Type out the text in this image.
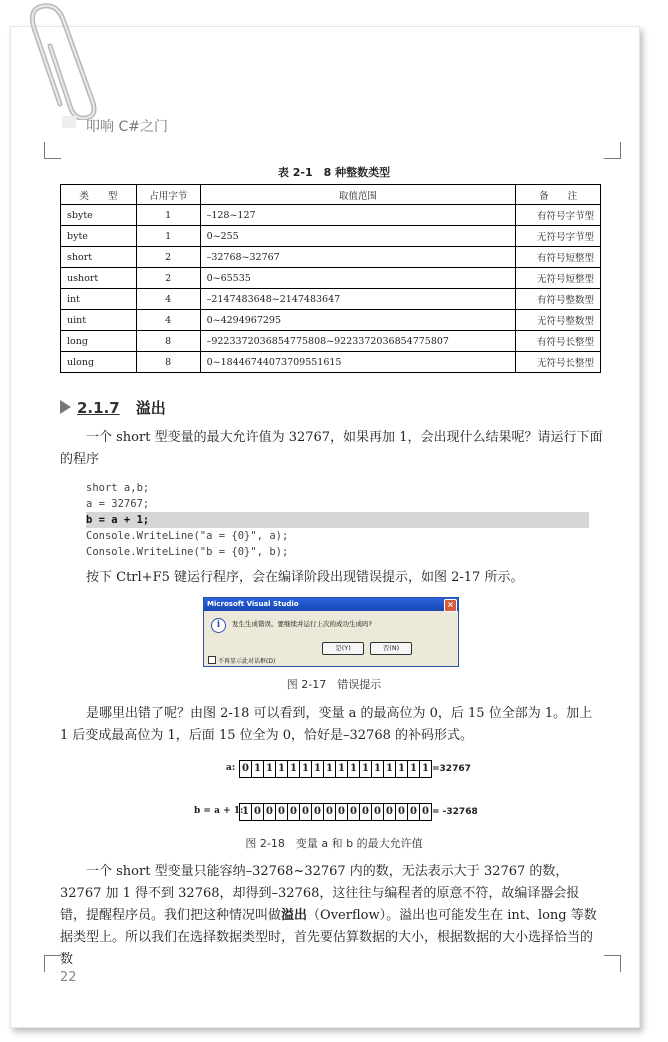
叩响 C#之门
表 2-1　8 种整数类型
类　　型	占用字节	取值范围	备　　注
sbyte	1	–128~127	有符号字节型
byte	1	0~255	无符号字节型
short	2	–32768~32767	有符号短整型
ushort	2	0~65535	无符号短整型
int	4	–2147483648~2147483647	有符号整数型
uint	4	0~4294967295	无符号整数型
long	8	–9223372036854775808~9223372036854775807	有符号长整型
ulong	8	0~18446744073709551615	无符号长整型
2.1.7 溢出
一个 short 型变量的最大允许值为 32767，如果再加 1，会出现什么结果呢？请运行下面的程序
short a,b;
a = 32767;
b = a + 1;
Console.WriteLine("a = {0}", a);
Console.WriteLine("b = {0}", b);
按下 Ctrl+F5 键运行程序，会在编译阶段出现错误提示，如图 2-17 所示。
Microsoft Visual Studio	×
i	发生生成错误。要继续并运行上次的成功生成吗?
是(Y)	否(N)
不再显示此对话框(D)
图 2-17　错误提示
是哪里出错了呢？由图 2-18 可以看到，变量 a 的最高位为 0，后 15 位全部为 1。加上 1 后变成最高位为 1，后面 15 位全为 0，恰好是–32768 的补码形式。
a: 0 1 1 1 1 1 1 1 1 1 1 1 1 1 1 1 =32767
b = a + 1:
1 0 0 0 0 0 0 0 0 0 0 0 0 0 0 0 = -32768
图 2-18　变量 a 和 b 的最大允许值
一个 short 型变量只能容纳–32768~32767 内的数，无法表示大于 32767 的数，32767 加 1 得不到 32768，却得到–32768，这往往与编程者的原意不符，故编译器会报错，提醒程序员。我们把这种情况叫做溢出（Overflow）。溢出也可能发生在 int、long 等数据类型上。所以我们在选择数据类型时，首先要估算数据的大小，根据数据的大小选择恰当的数
22
